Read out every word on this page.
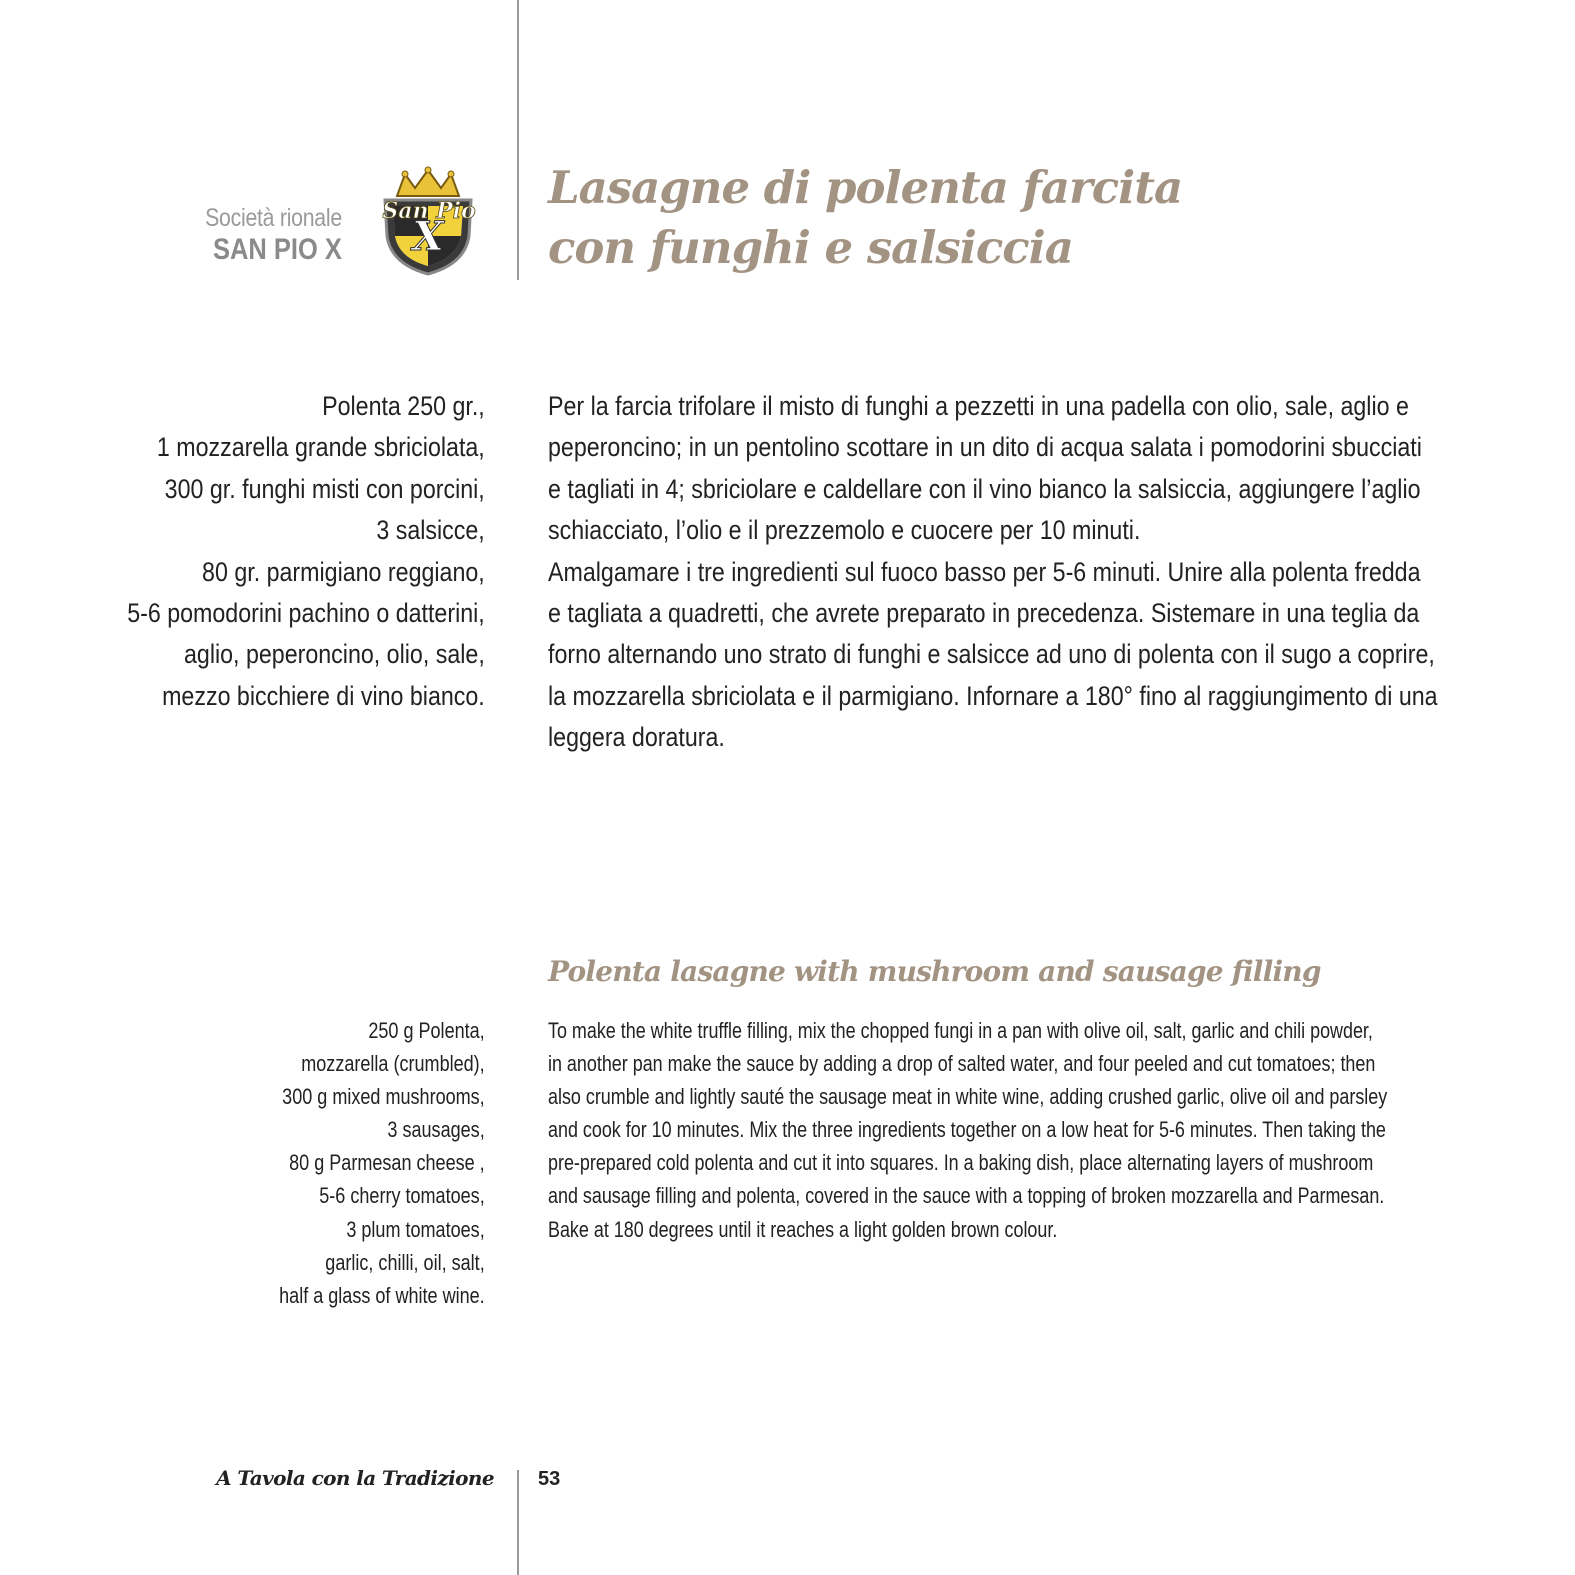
Società rionale
SAN PIO X X
San Pio Lasagne di polenta farcita
con funghi e salsiccia
Polenta 250 gr.,
1 mozzarella grande sbriciolata,
300 gr. funghi misti con porcini,
3 salsicce,
80 gr. parmigiano reggiano,
5-6 pomodorini pachino o datterini,
aglio, peperoncino, olio, sale,
mezzo bicchiere di vino bianco.
Per la farcia trifolare il misto di funghi a pezzetti in una padella con olio, sale, aglio e
peperoncino; in un pentolino scottare in un dito di acqua salata i pomodorini sbucciati
e tagliati in 4; sbriciolare e caldellare con il vino bianco la salsiccia, aggiungere l’aglio
schiacciato, l’olio e il prezzemolo e cuocere per 10 minuti.
Amalgamare i tre ingredienti sul fuoco basso per 5-6 minuti. Unire alla polenta fredda
e tagliata a quadretti, che avrete preparato in precedenza. Sistemare in una teglia da
forno alternando uno strato di funghi e salsicce ad uno di polenta con il sugo a coprire,
la mozzarella sbriciolata e il parmigiano. Infornare a 180° fino al raggiungimento di una
leggera doratura.
Polenta lasagne with mushroom and sausage filling
250 g Polenta,
mozzarella (crumbled),
300 g mixed mushrooms,
3 sausages,
80 g Parmesan cheese ,
5-6 cherry tomatoes,
3 plum tomatoes,
garlic, chilli, oil, salt,
half a glass of white wine.
To make the white truffle filling, mix the chopped fungi in a pan with olive oil, salt, garlic and chili powder,
in another pan make the sauce by adding a drop of salted water, and four peeled and cut tomatoes; then
also crumble and lightly sauté the sausage meat in white wine, adding crushed garlic, olive oil and parsley
and cook for 10 minutes. Mix the three ingredients together on a low heat for 5-6 minutes. Then taking the
pre-prepared cold polenta and cut it into squares. In a baking dish, place alternating layers of mushroom
and sausage filling and polenta, covered in the sauce with a topping of broken mozzarella and Parmesan.
Bake at 180 degrees until it reaches a light golden brown colour.
A Tavola con la Tradizione 53
